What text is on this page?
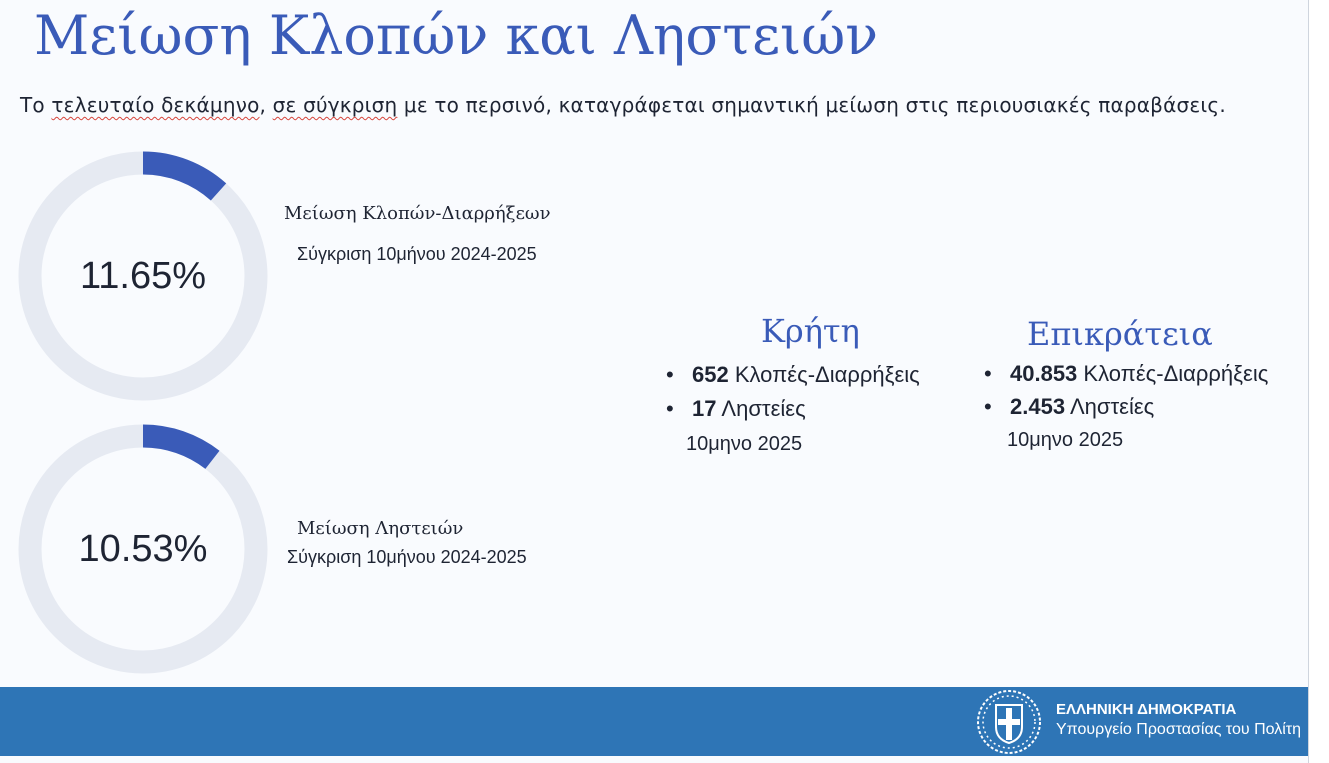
Μείωση Κλοπών και Ληστειών
Το τελευταίο δεκάμηνο, σε σύγκριση με το περσινό, καταγράφεται σημαντική μείωση στις περιουσιακές παραβάσεις.
11.65%
Μείωση Κλοπών-Διαρρήξεων
Σύγκριση 10μήνου 2024-2025
10.53%	Μείωση Ληστειών
Σύγκριση 10μήνου 2024-2025
Κρήτη
• 652 Κλοπές-Διαρρήξεις
• 17 Ληστείες
10μηνο 2025
Επικράτεια
• 40.853 Κλοπές-Διαρρήξεις
• 2.453 Ληστείες
10μηνο 2025
ΕΛΛΗΝΙΚΗ ΔΗΜΟΚΡΑΤΙΑ
Υπουργείο Προστασίας του Πολίτη
